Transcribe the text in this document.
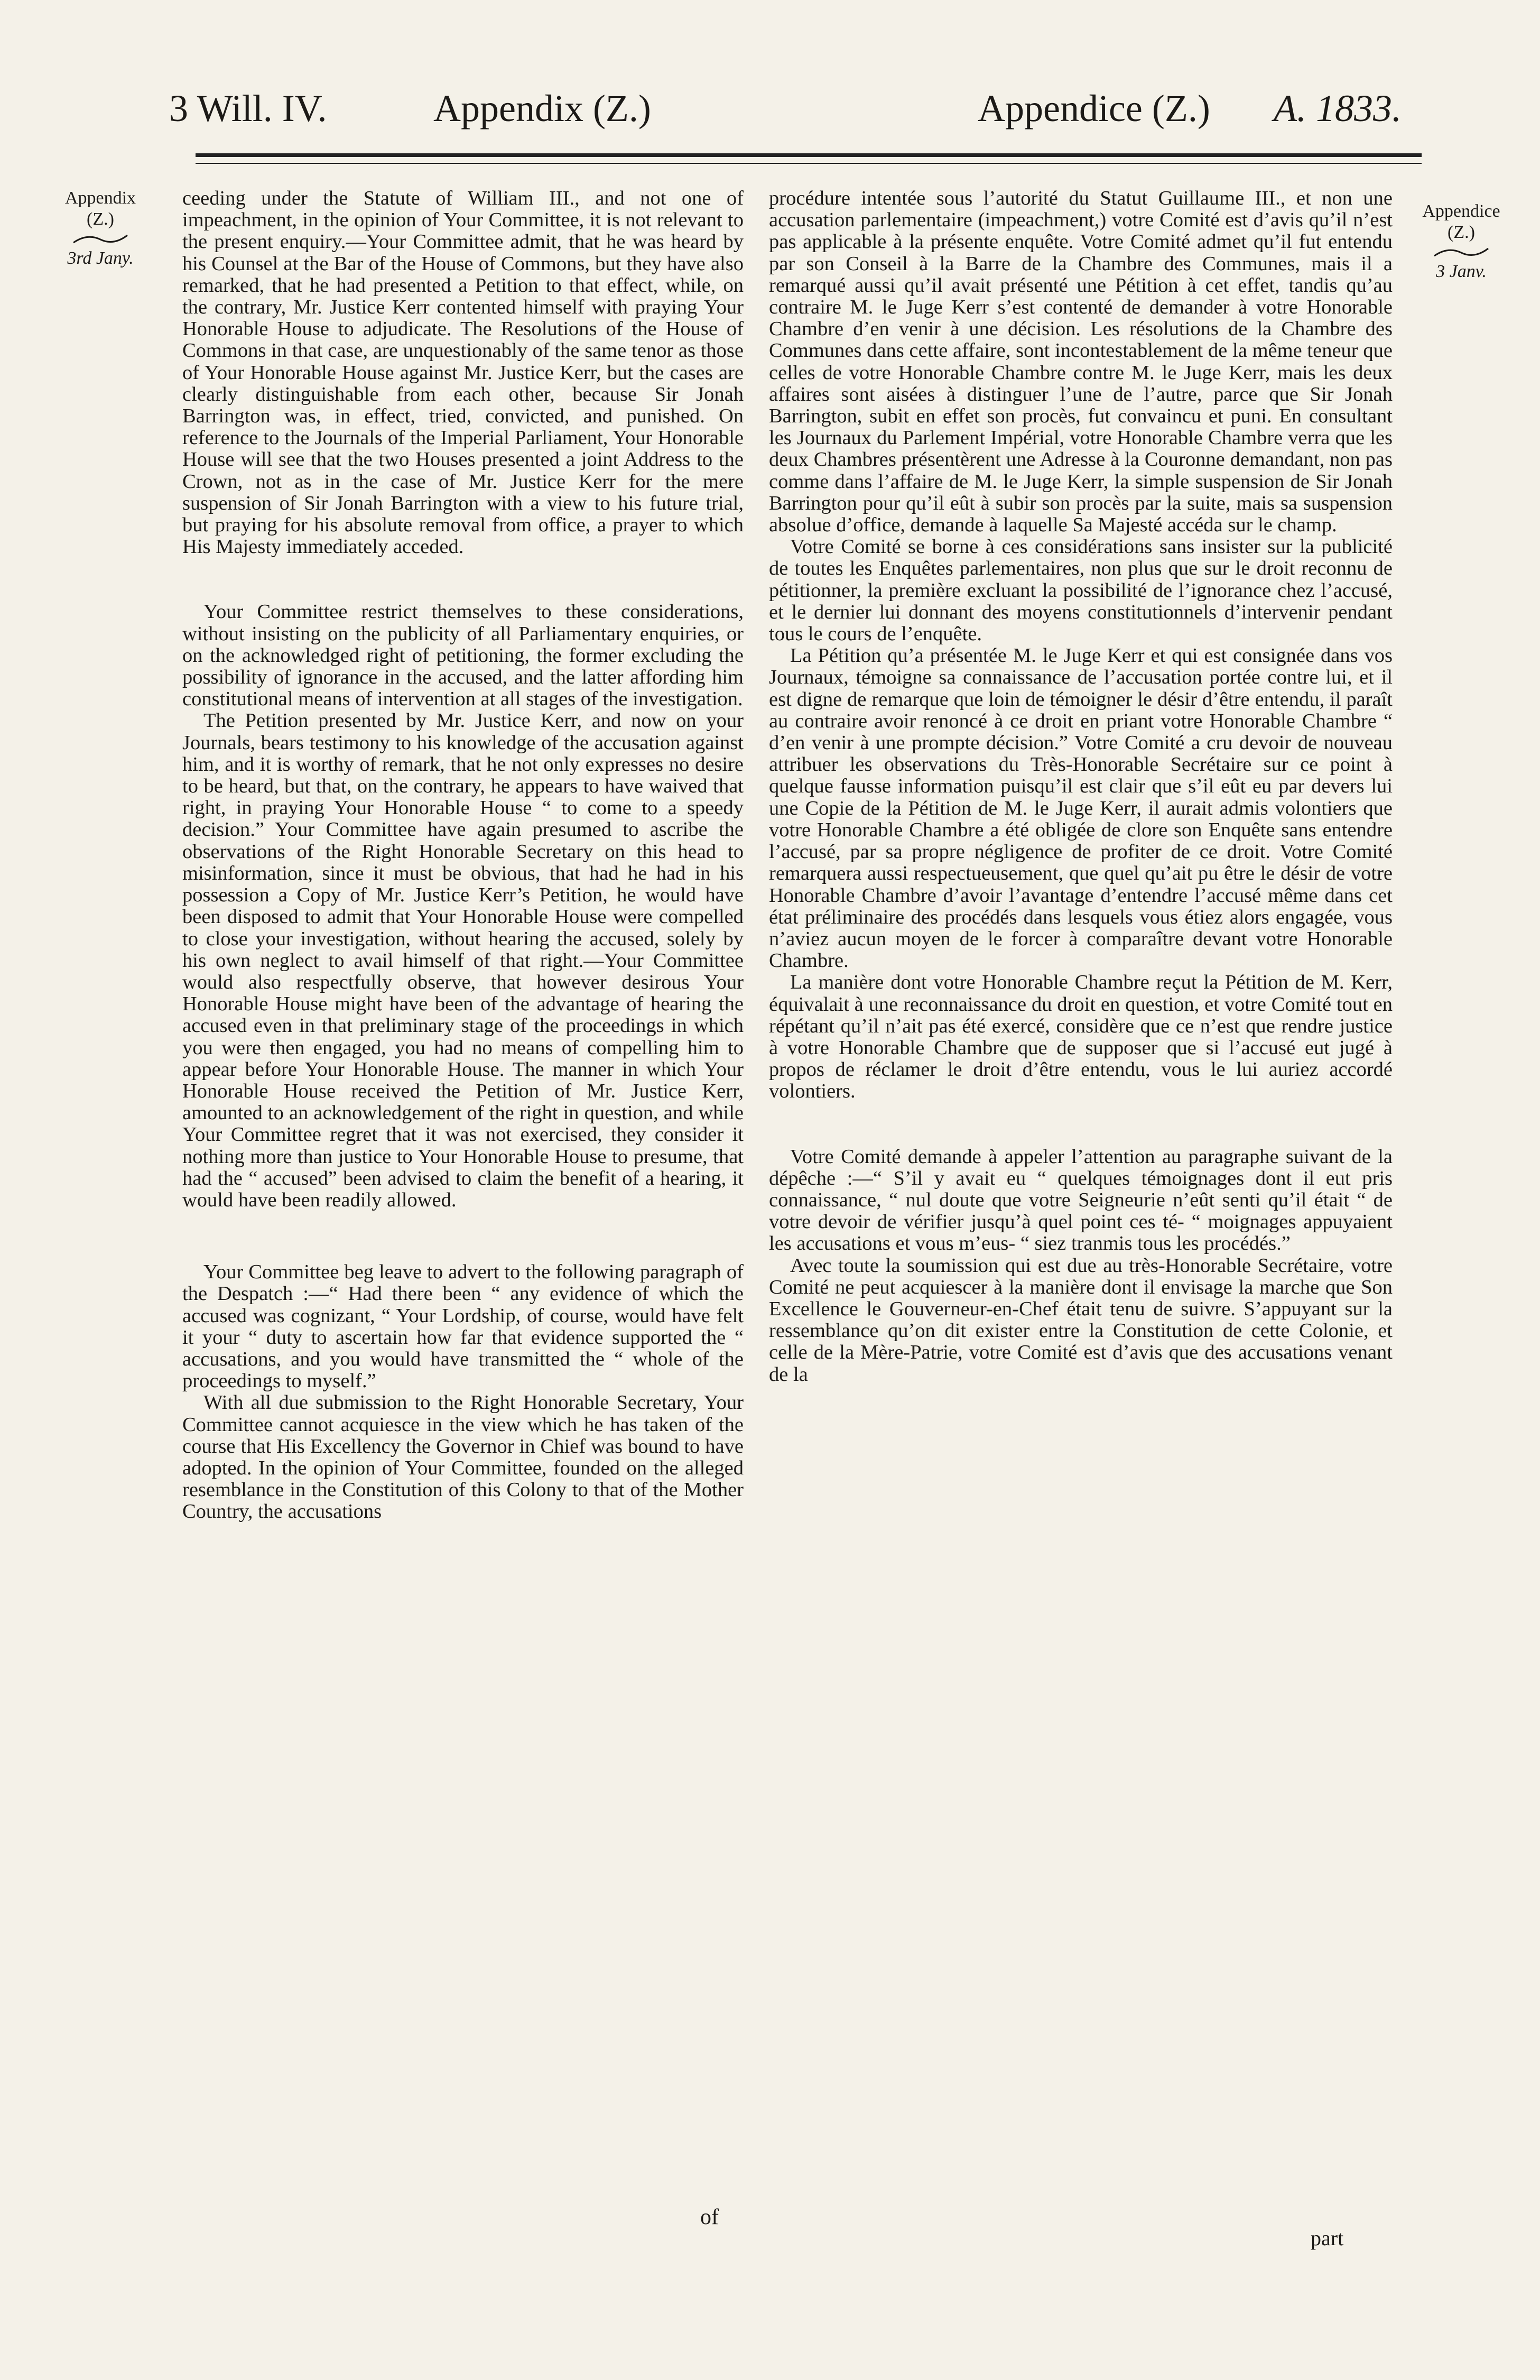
3 Will. IV.	Appendix (Z.)	Appendice (Z.) A. 1833.
Appendix
(Z.)
3rd Jany.
Appendice
(Z.)
3 Janv.

ceeding under the Statute of William III., and not one of impeachment, in the opinion of Your Committee, it is not relevant to the present enquiry.—Your Committee admit, that he was heard by his Counsel at the Bar of the House of Commons, but they have also remarked, that he had presented a Petition to that effect, while, on the contrary, Mr. Justice Kerr contented himself with praying Your Honorable House to adjudicate. The Resolutions of the House of Commons in that case, are unquestionably of the same tenor as those of Your Honorable House against Mr. Justice Kerr, but the cases are clearly distinguishable from each other, because Sir Jonah Barrington was, in effect, tried, convicted, and punished. On reference to the Journals of the Imperial Parliament, Your Honorable House will see that the two Houses presented a joint Address to the Crown, not as in the case of Mr. Justice Kerr for the mere suspension of Sir Jonah Barrington with a view to his future trial, but praying for his absolute removal from office, a prayer to which His Majesty immediately acceded.

Your Committee restrict themselves to these considerations, without insisting on the publicity of all Parliamentary enquiries, or on the acknowledged right of petitioning, the former excluding the possibility of ignorance in the accused, and the latter affording him constitutional means of intervention at all stages of the investigation.

The Petition presented by Mr. Justice Kerr, and now on your Journals, bears testimony to his knowledge of the accusation against him, and it is worthy of remark, that he not only expresses no desire to be heard, but that, on the contrary, he appears to have waived that right, in praying Your Honorable House “ to come to a speedy decision.” Your Committee have again presumed to ascribe the observations of the Right Honorable Secretary on this head to misinformation, since it must be obvious, that had he had in his possession a Copy of Mr. Justice Kerr’s Petition, he would have been disposed to admit that Your Honorable House were compelled to close your investigation, without hearing the accused, solely by his own neglect to avail himself of that right.—Your Committee would also respectfully observe, that however desirous Your Honorable House might have been of the advantage of hearing the accused even in that preliminary stage of the proceedings in which you were then engaged, you had no means of compelling him to appear before Your Honorable House. The manner in which Your Honorable House received the Petition of Mr. Justice Kerr, amounted to an acknowledgement of the right in question, and while Your Committee regret that it was not exercised, they consider it nothing more than justice to Your Honorable House to presume, that had the “ accused” been advised to claim the benefit of a hearing, it would have been readily allowed.

Your Committee beg leave to advert to the following paragraph of the Despatch :—“ Had there been “ any evidence of which the accused was cognizant, “ Your Lordship, of course, would have felt it your “ duty to ascertain how far that evidence supported the “ accusations, and you would have transmitted the “ whole of the proceedings to myself.”

With all due submission to the Right Honorable Secretary, Your Committee cannot acquiesce in the view which he has taken of the course that His Excellency the Governor in Chief was bound to have adopted. In the opinion of Your Committee, founded on the alleged resemblance in the Constitution of this Colony to that of the Mother Country, the accusations

procédure intentée sous l’autorité du Statut Guillaume III., et non une accusation parlementaire (impeachment,) votre Comité est d’avis qu’il n’est pas applicable à la présente enquête. Votre Comité admet qu’il fut entendu par son Conseil à la Barre de la Chambre des Communes, mais il a remarqué aussi qu’il avait présenté une Pétition à cet effet, tandis qu’au contraire M. le Juge Kerr s’est contenté de demander à votre Honorable Chambre d’en venir à une décision. Les résolutions de la Chambre des Communes dans cette affaire, sont incontestablement de la même teneur que celles de votre Honorable Chambre contre M. le Juge Kerr, mais les deux affaires sont aisées à distinguer l’une de l’autre, parce que Sir Jonah Barrington, subit en effet son procès, fut convaincu et puni. En consultant les Journaux du Parlement Impérial, votre Honorable Chambre verra que les deux Chambres présentèrent une Adresse à la Couronne demandant, non pas comme dans l’affaire de M. le Juge Kerr, la simple suspension de Sir Jonah Barrington pour qu’il eût à subir son procès par la suite, mais sa suspension absolue d’office, demande à laquelle Sa Majesté accéda sur le champ.

Votre Comité se borne à ces considérations sans insister sur la publicité de toutes les Enquêtes parlementaires, non plus que sur le droit reconnu de pétitionner, la première excluant la possibilité de l’ignorance chez l’accusé, et le dernier lui donnant des moyens constitutionnels d’intervenir pendant tous le cours de l’enquête.

La Pétition qu’a présentée M. le Juge Kerr et qui est consignée dans vos Journaux, témoigne sa connaissance de l’accusation portée contre lui, et il est digne de remarque que loin de témoigner le désir d’être entendu, il paraît au contraire avoir renoncé à ce droit en priant votre Honorable Chambre “ d’en venir à une prompte décision.” Votre Comité a cru devoir de nouveau attribuer les observations du Très-Honorable Secrétaire sur ce point à quelque fausse information puisqu’il est clair que s’il eût eu par devers lui une Copie de la Pétition de M. le Juge Kerr, il aurait admis volontiers que votre Honorable Chambre a été obligée de clore son Enquête sans entendre l’accusé, par sa propre négligence de profiter de ce droit. Votre Comité remarquera aussi respectueusement, que quel qu’ait pu être le désir de votre Honorable Chambre d’avoir l’avantage d’entendre l’accusé même dans cet état préliminaire des procédés dans lesquels vous étiez alors engagée, vous n’aviez aucun moyen de le forcer à comparaître devant votre Honorable Chambre.

La manière dont votre Honorable Chambre reçut la Pétition de M. Kerr, équivalait à une reconnaissance du droit en question, et votre Comité tout en répétant qu’il n’ait pas été exercé, considère que ce n’est que rendre justice à votre Honorable Chambre que de supposer que si l’accusé eut jugé à propos de réclamer le droit d’être entendu, vous le lui auriez accordé volontiers.

Votre Comité demande à appeler l’attention au paragraphe suivant de la dépêche :—“ S’il y avait eu “ quelques témoignages dont il eut pris connaissance, “ nul doute que votre Seigneurie n’eût senti qu’il était “ de votre devoir de vérifier jusqu’à quel point ces té- “ moignages appuyaient les accusations et vous m’eus- “ siez tranmis tous les procédés.”

Avec toute la soumission qui est due au très-Honorable Secrétaire, votre Comité ne peut acquiescer à la manière dont il envisage la marche que Son Excellence le Gouverneur-en-Chef était tenu de suivre. S’appuyant sur la ressemblance qu’on dit exister entre la Constitution de cette Colonie, et celle de la Mère-Patrie, votre Comité est d’avis que des accusations venant de la

of
part
